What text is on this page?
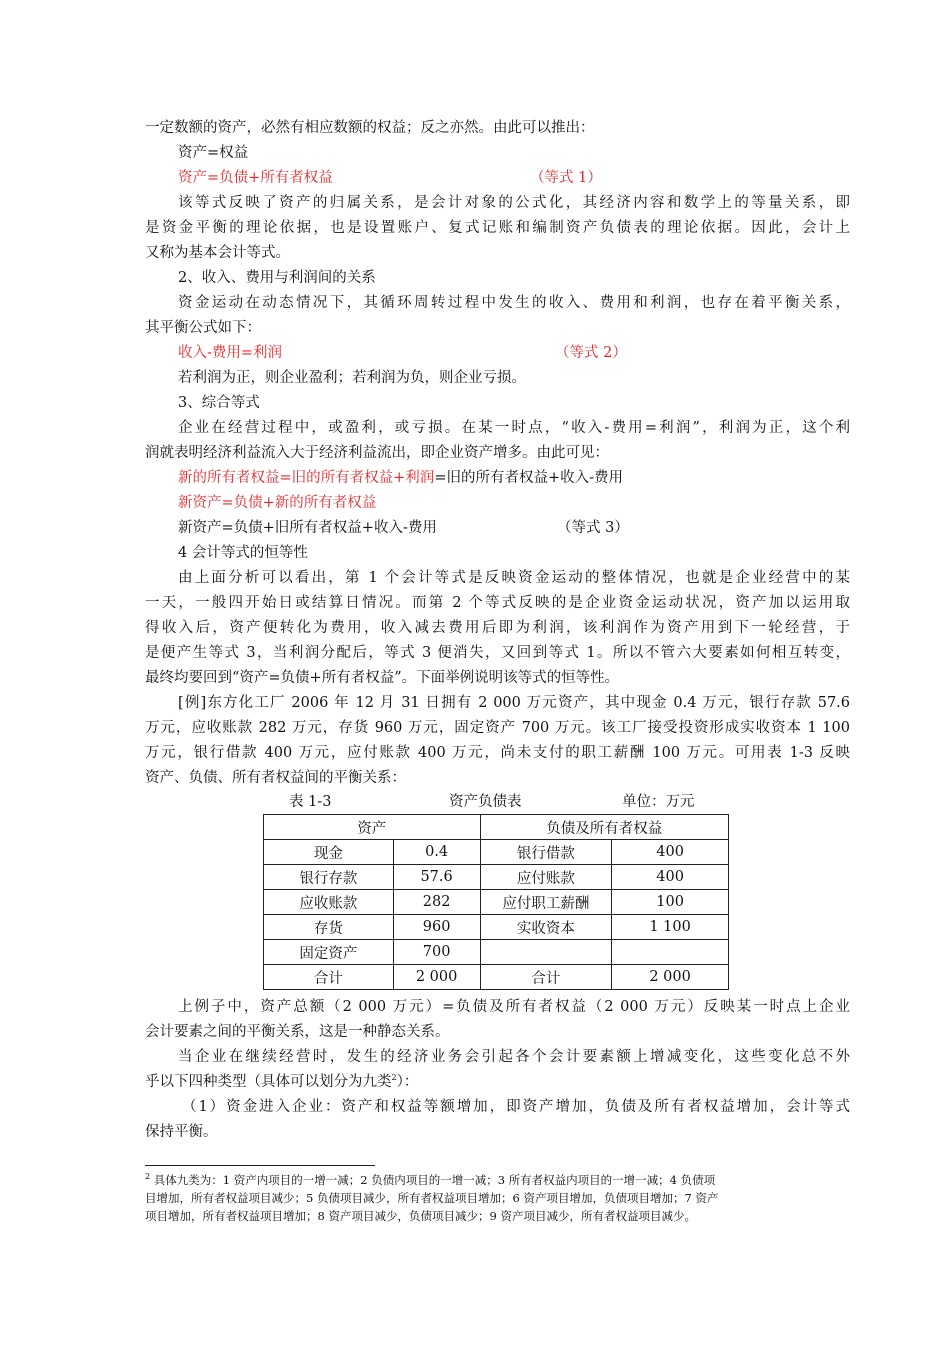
一定数额的资产，必然有相应数额的权益；反之亦然。由此可以推出：
资产=权益
资产=负债+所有者权益	（等式 1）
该等式反映了资产的归属关系，是会计对象的公式化，其经济内容和数学上的等量关系，即
是资金平衡的理论依据，也是设置账户、复式记账和编制资产负债表的理论依据。因此，会计上
又称为基本会计等式。
2、收入、费用与利润间的关系
资金运动在动态情况下，其循环周转过程中发生的收入、费用和利润，也存在着平衡关系，
其平衡公式如下：
收入-费用=利润	（等式 2）
若利润为正，则企业盈利；若利润为负，则企业亏损。
3、综合等式
企业在经营过程中，或盈利，或亏损。在某一时点，“收入-费用=利润”，利润为正，这个利
润就表明经济利益流入大于经济利益流出，即企业资产增多。由此可见：
新的所有者权益=旧的所有者权益+利润=旧的所有者权益+收入-费用
新资产=负债+新的所有者权益
新资产=负债+旧所有者权益+收入-费用	（等式 3）
4 会计等式的恒等性
由上面分析可以看出，第 1 个会计等式是反映资金运动的整体情况，也就是企业经营中的某
一天，一般四开始日或结算日情况。而第 2 个等式反映的是企业资金运动状况，资产加以运用取
得收入后，资产便转化为费用，收入减去费用后即为利润，该利润作为资产用到下一轮经营，于
是便产生等式 3，当利润分配后，等式 3 便消失，又回到等式 1。所以不管六大要素如何相互转变，
最终均要回到“资产=负债+所有者权益”。下面举例说明该等式的恒等性。
[例]东方化工厂 2006 年 12 月 31 日拥有 2 000 万元资产，其中现金 0.4 万元，银行存款 57.6
万元，应收账款 282 万元，存货 960 万元，固定资产 700 万元。该工厂接受投资形成实收资本 1 100
万元，银行借款 400 万元，应付账款 400 万元，尚未支付的职工薪酬 100 万元。可用表 1-3 反映
资产、负债、所有者权益间的平衡关系：
表 1-3	资产负债表	单位：万元
资产		负债及所有者权益	
现金	0.4	银行借款	400
银行存款	57.6	应付账款	400
应收账款	282	应付职工薪酬	100
存货	960	实收资本	1 100
固定资产	700		
合计	2 000	合计	2 000
上例子中，资产总额（2 000 万元）=负债及所有者权益（2 000 万元）反映某一时点上企业
会计要素之间的平衡关系，这是一种静态关系。
当企业在继续经营时，发生的经济业务会引起各个会计要素额上增减变化，这些变化总不外
乎以下四种类型（具体可以划分为九类$^2$）：
（1）资金进入企业：资产和权益等额增加，即资产增加，负债及所有者权益增加，会计等式
保持平衡。
$^2$ 具体九类为：1 资产内项目的一增一减；2 负债内项目的一增一减；3 所有者权益内项目的一增一减；4 负债项
目增加，所有者权益项目减少；5 负债项目减少，所有者权益项目增加；6 资产项目增加，负债项目增加；7 资产
项目增加，所有者权益项目增加；8 资产项目减少，负债项目减少；9 资产项目减少，所有者权益项目减少。
